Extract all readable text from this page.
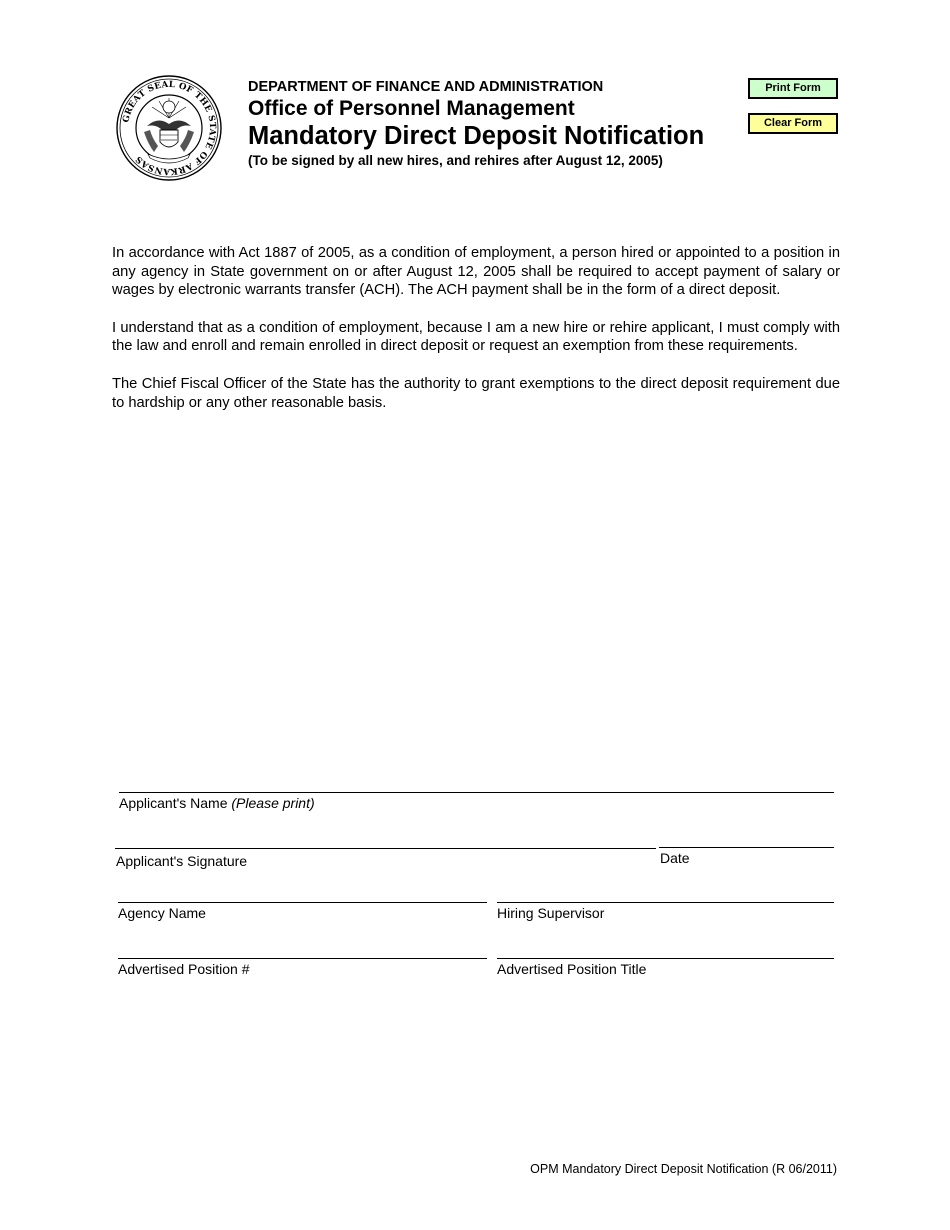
GREAT SEAL OF THE STATE OF ARKANSAS
DEPARTMENT OF FINANCE AND ADMINISTRATION
Office of Personnel Management
Mandatory Direct Deposit Notification
(To be signed by all new hires, and rehires after August 12, 2005)
Print Form
Clear Form

In accordance with Act 1887 of 2005, as a condition of employment, a person hired or appointed to a position in any agency in State government on or after August 12, 2005 shall be required to accept payment of salary or wages by electronic warrants transfer (ACH). The ACH payment shall be in the form of a direct deposit.

I understand that as a condition of employment, because I am a new hire or rehire applicant, I must comply with the law and enroll and remain enrolled in direct deposit or request an exemption from these requirements.

The Chief Fiscal Officer of the State has the authority to grant exemptions to the direct deposit requirement due to hardship or any other reasonable basis.

Applicant's Name (Please print)
Applicant's Signature	Date
Agency Name	Hiring Supervisor
Advertised Position #	Advertised Position Title
OPM Mandatory Direct Deposit Notification (R 06/2011)
